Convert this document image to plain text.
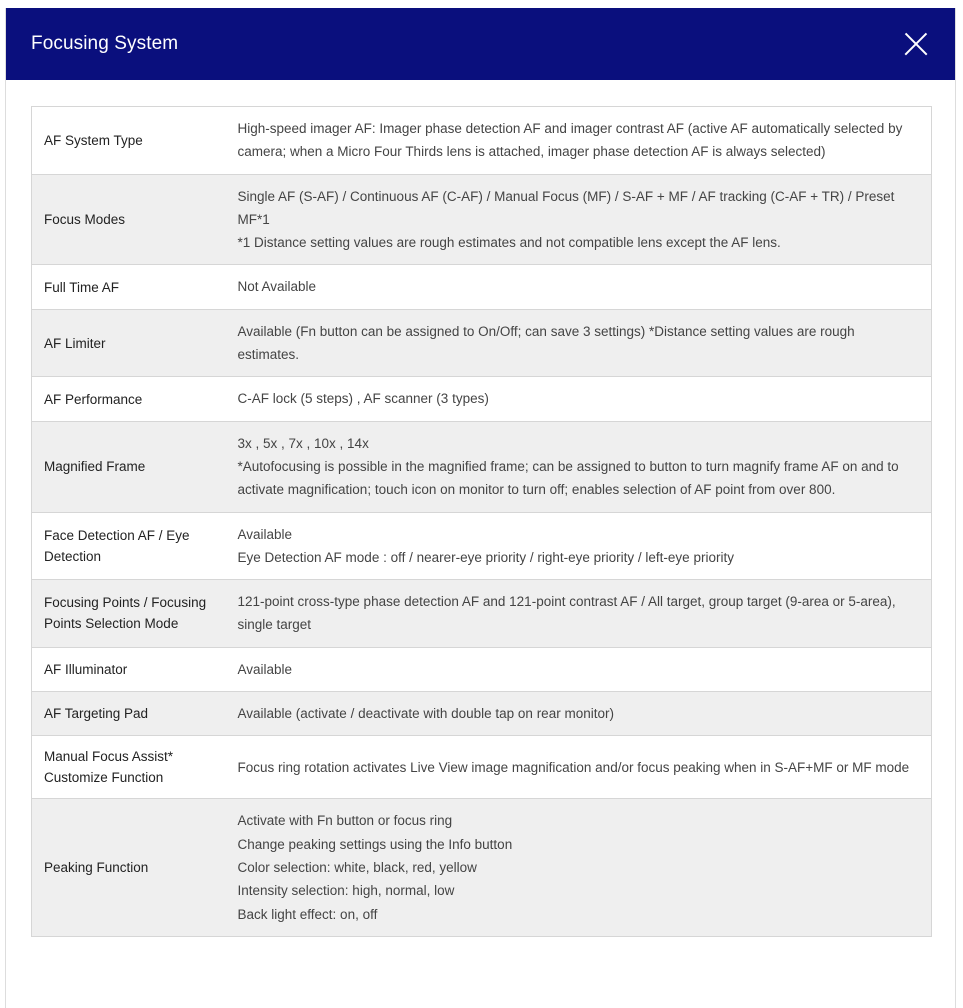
Focusing System
AF System Type	High-speed imager AF: Imager phase detection AF and imager contrast AF (active AF automatically selected by camera; when a Micro Four Thirds lens is attached, imager phase detection AF is always selected)

Focus Modes	Single AF (S-AF) / Continuous AF (C-AF) / Manual Focus (MF) / S-AF + MF / AF tracking (C-AF + TR) / Preset MF*1
*1 Distance setting values are rough estimates and not compatible lens except the AF lens.

Full Time AF	Not Available

AF Limiter	Available (Fn button can be assigned to On/Off; can save 3 settings) *Distance setting values are rough estimates.

AF Performance	C-AF lock (5 steps) , AF scanner (3 types)

Magnified Frame	3x , 5x , 7x , 10x , 14x
*Autofocusing is possible in the magnified frame; can be assigned to button to turn magnify frame AF on and to activate magnification; touch icon on monitor to turn off; enables selection of AF point from over 800.

Face Detection AF / Eye Detection	Available
Eye Detection AF mode : off / nearer-eye priority / right-eye priority / left-eye priority

Focusing Points / Focusing Points Selection Mode	121-point cross-type phase detection AF and 121-point contrast AF / All target, group target (9-area or 5-area), single target

AF Illuminator	Available

AF Targeting Pad	Available (activate / deactivate with double tap on rear monitor)

Manual Focus Assist* Customize Function	Focus ring rotation activates Live View image magnification and/or focus peaking when in S-AF+MF or MF mode

Peaking Function	Activate with Fn button or focus ring
Change peaking settings using the Info button
Color selection: white, black, red, yellow
Intensity selection: high, normal, low
Back light effect: on, off
